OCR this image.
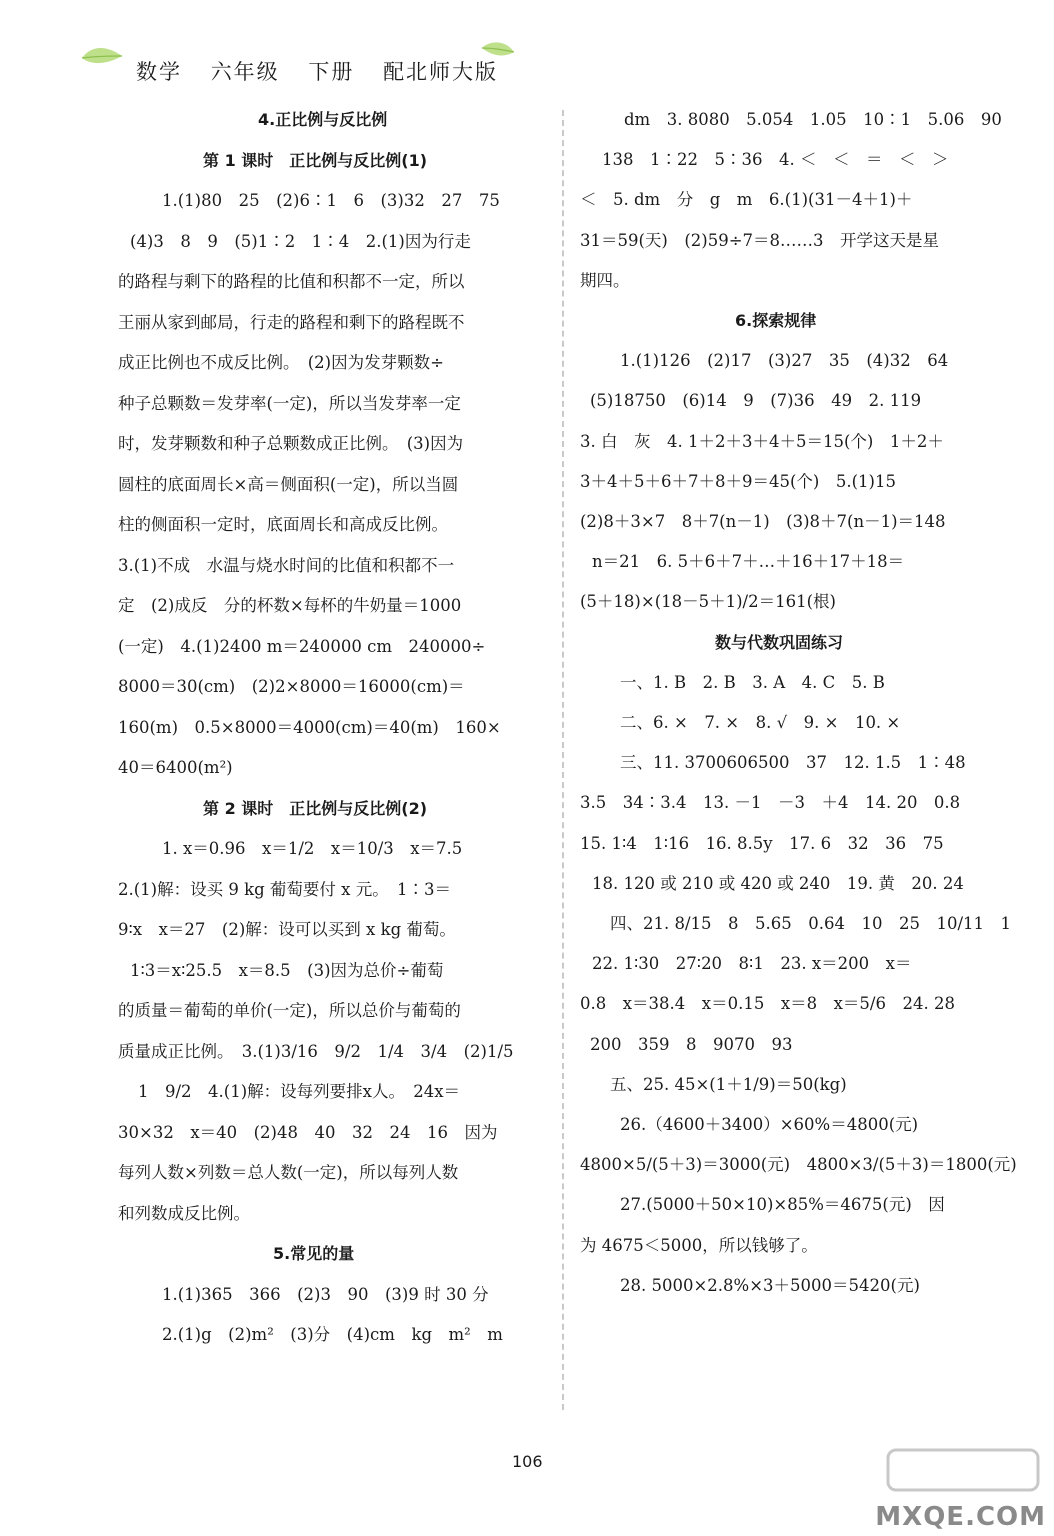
数学 六年级 下册 配北师大版
4.正比例与反比例
第 1 课时　正比例与反比例(1)
1.(1)80　25　(2)6∶1　6　(3)32　27　75
(4)3　8　9　(5)1∶2　1∶4　2.(1)因为行走
的路程与剩下的路程的比值和积都不一定，所以
王丽从家到邮局，行走的路程和剩下的路程既不
成正比例也不成反比例。　(2)因为发芽颗数÷
种子总颗数＝发芽率(一定)，所以当发芽率一定
时，发芽颗数和种子总颗数成正比例。　(3)因为
圆柱的底面周长×高＝侧面积(一定)，所以当圆
柱的侧面积一定时，底面周长和高成反比例。
3.(1)不成　水温与烧水时间的比值和积都不一
定　(2)成反　分的杯数×每杯的牛奶量＝1000
(一定)　4.(1)2400 m＝240000 cm　240000÷
8000＝30(cm)　(2)2×8000＝16000(cm)＝
160(m)　0.5×8000＝4000(cm)＝40(m)　160×
40＝6400(m²)
第 2 课时　正比例与反比例(2)
1. x＝0.96　x＝1/2　x＝10/3　x＝7.5
2.(1)解：设买 9 kg 葡萄要付 x 元。　1∶3＝
9∶x　x＝27　(2)解：设可以买到 x kg 葡萄。
1∶3＝x∶25.5　x＝8.5　(3)因为总价÷葡萄
的质量＝葡萄的单价(一定)，所以总价与葡萄的
质量成正比例。　3.(1)3/16　9/2　1/4　3/4　(2)1/5
1　9/2　4.(1)解：设每列要排x人。　24x＝
30×32　x＝40　(2)48　40　32　24　16　因为
每列人数×列数＝总人数(一定)，所以每列人数
和列数成反比例。
5.常见的量
1.(1)365　366　(2)3　90　(3)9 时 30 分
2.(1)g　(2)m²　(3)分　(4)cm　kg　m²　m
dm　3. 8080　5.054　1.05　10∶1　5.06　90
138　1∶22　5∶36　4. ＜　＜　＝　＜　＞
＜　5. dm　分　g　m　6.(1)(31－4＋1)＋
31＝59(天)　(2)59÷7＝8……3　开学这天是星
期四。
6.探索规律
1.(1)126　(2)17　(3)27　35　(4)32　64
(5)18750　(6)14　9　(7)36　49　2. 119
3. 白　灰　4. 1＋2＋3＋4＋5＝15(个)　1＋2＋
3＋4＋5＋6＋7＋8＋9＝45(个)　5.(1)15
(2)8＋3×7　8＋7(n－1)　(3)8＋7(n－1)＝148
n＝21　6. 5＋6＋7＋…＋16＋17＋18＝
(5＋18)×(18－5＋1)/2＝161(根)
数与代数巩固练习
一、1. B　2. B　3. A　4. C　5. B
二、6. ×　7. ×　8. √　9. ×　10. ×
三、11. 3700606500　37　12. 1.5　1∶48
3.5　34∶3.4　13. －1　－3　＋4　14. 20　0.8
15. 1∶4　1∶16　16. 8.5y　17. 6　32　36　75
18. 120 或 210 或 420 或 240　19. 黄　20. 24
四、21. 8/15　8　5.65　0.64　10　25　10/11　1
22. 1∶30　27∶20　8∶1　23. x＝200　x＝
0.8　x＝38.4　x＝0.15　x＝8　x＝5/6　24. 28
200　359　8　9070　93
五、25. 45×(1＋1/9)＝50(kg)
26.（4600＋3400）×60%＝4800(元)
4800×5/(5＋3)＝3000(元)　4800×3/(5＋3)＝1800(元)
27.(5000＋50×10)×85%＝4675(元)　因
为 4675＜5000，所以钱够了。
28. 5000×2.8%×3＋5000＝5420(元)
106
MXQE.COM
